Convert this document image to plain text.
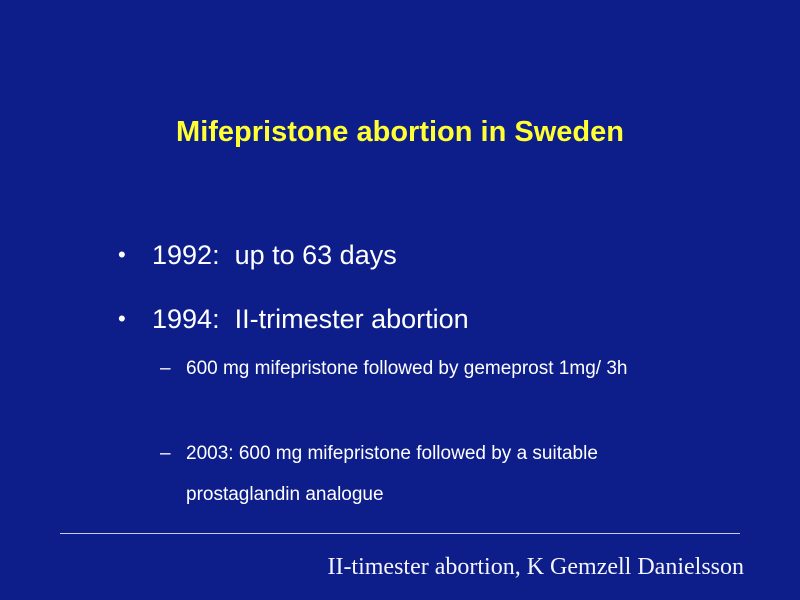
Mifepristone abortion in Sweden
• 1992: up to 63 days
• 1994: II-trimester abortion
– 600 mg mifepristone followed by gemeprost 1mg/ 3h
– 2003: 600 mg mifepristone followed by a suitable prostaglandin analogue
II-timester abortion, K Gemzell Danielsson
